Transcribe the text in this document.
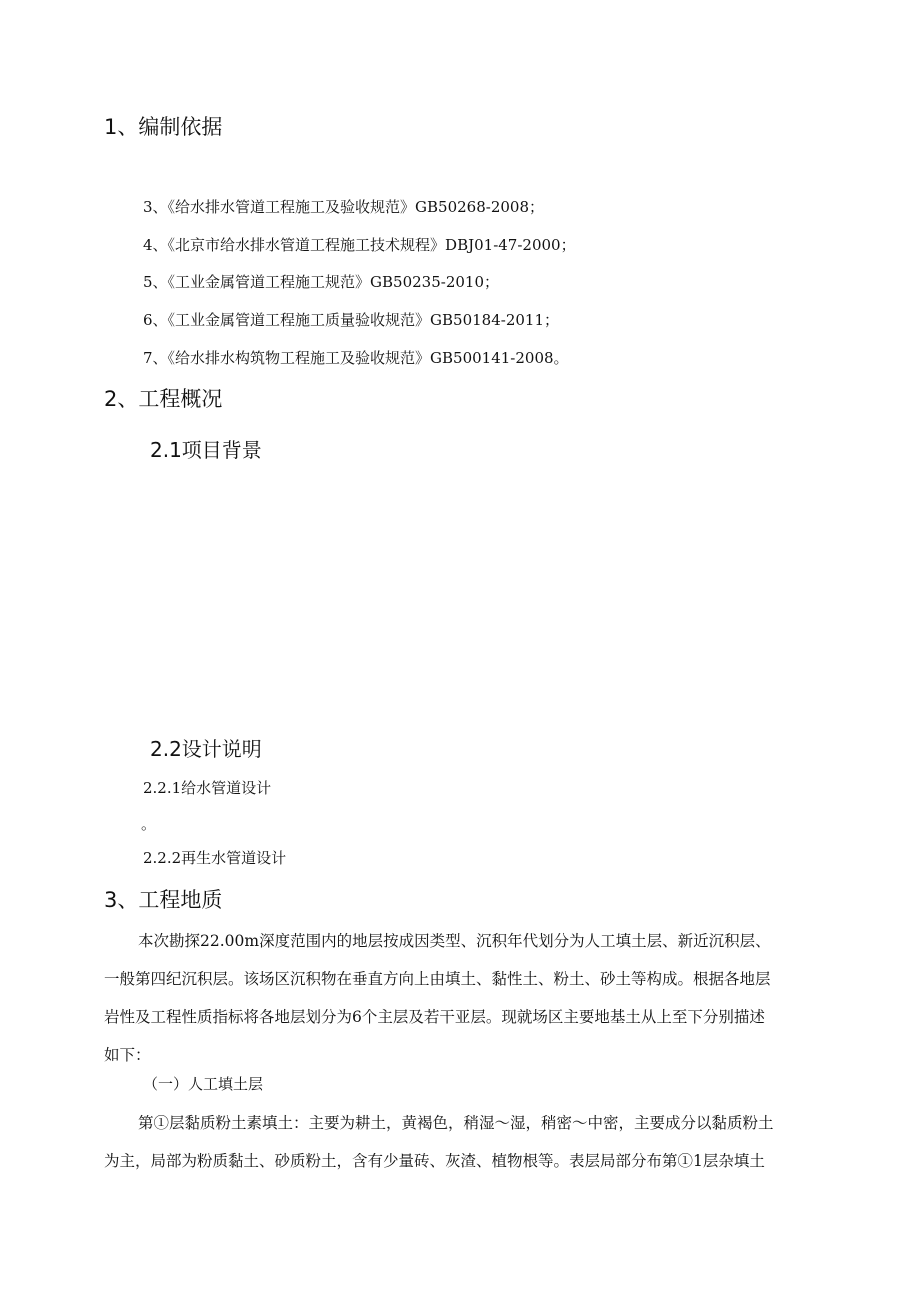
1、编制依据
3、《给水排水管道工程施工及验收规范》GB50268-2008；
4、《北京市给水排水管道工程施工技术规程》DBJ01-47-2000；
5、《工业金属管道工程施工规范》GB50235-2010；
6、《工业金属管道工程施工质量验收规范》GB50184-2011；
7、《给水排水构筑物工程施工及验收规范》GB500141-2008。
2、工程概况
2.1项目背景
2.2设计说明
2.2.1给水管道设计
。
2.2.2再生水管道设计
3、工程地质
本次勘探22.00m深度范围内的地层按成因类型、沉积年代划分为人工填土层、新近沉积层、
一般第四纪沉积层。该场区沉积物在垂直方向上由填土、黏性土、粉土、砂土等构成。根据各地层
岩性及工程性质指标将各地层划分为6个主层及若干亚层。现就场区主要地基土从上至下分别描述
如下：
（一）人工填土层
第①层黏质粉土素填土：主要为耕土，黄褐色，稍湿～湿，稍密～中密，主要成分以黏质粉土
为主，局部为粉质黏土、砂质粉土，含有少量砖、灰渣、植物根等。表层局部分布第①1层杂填土
